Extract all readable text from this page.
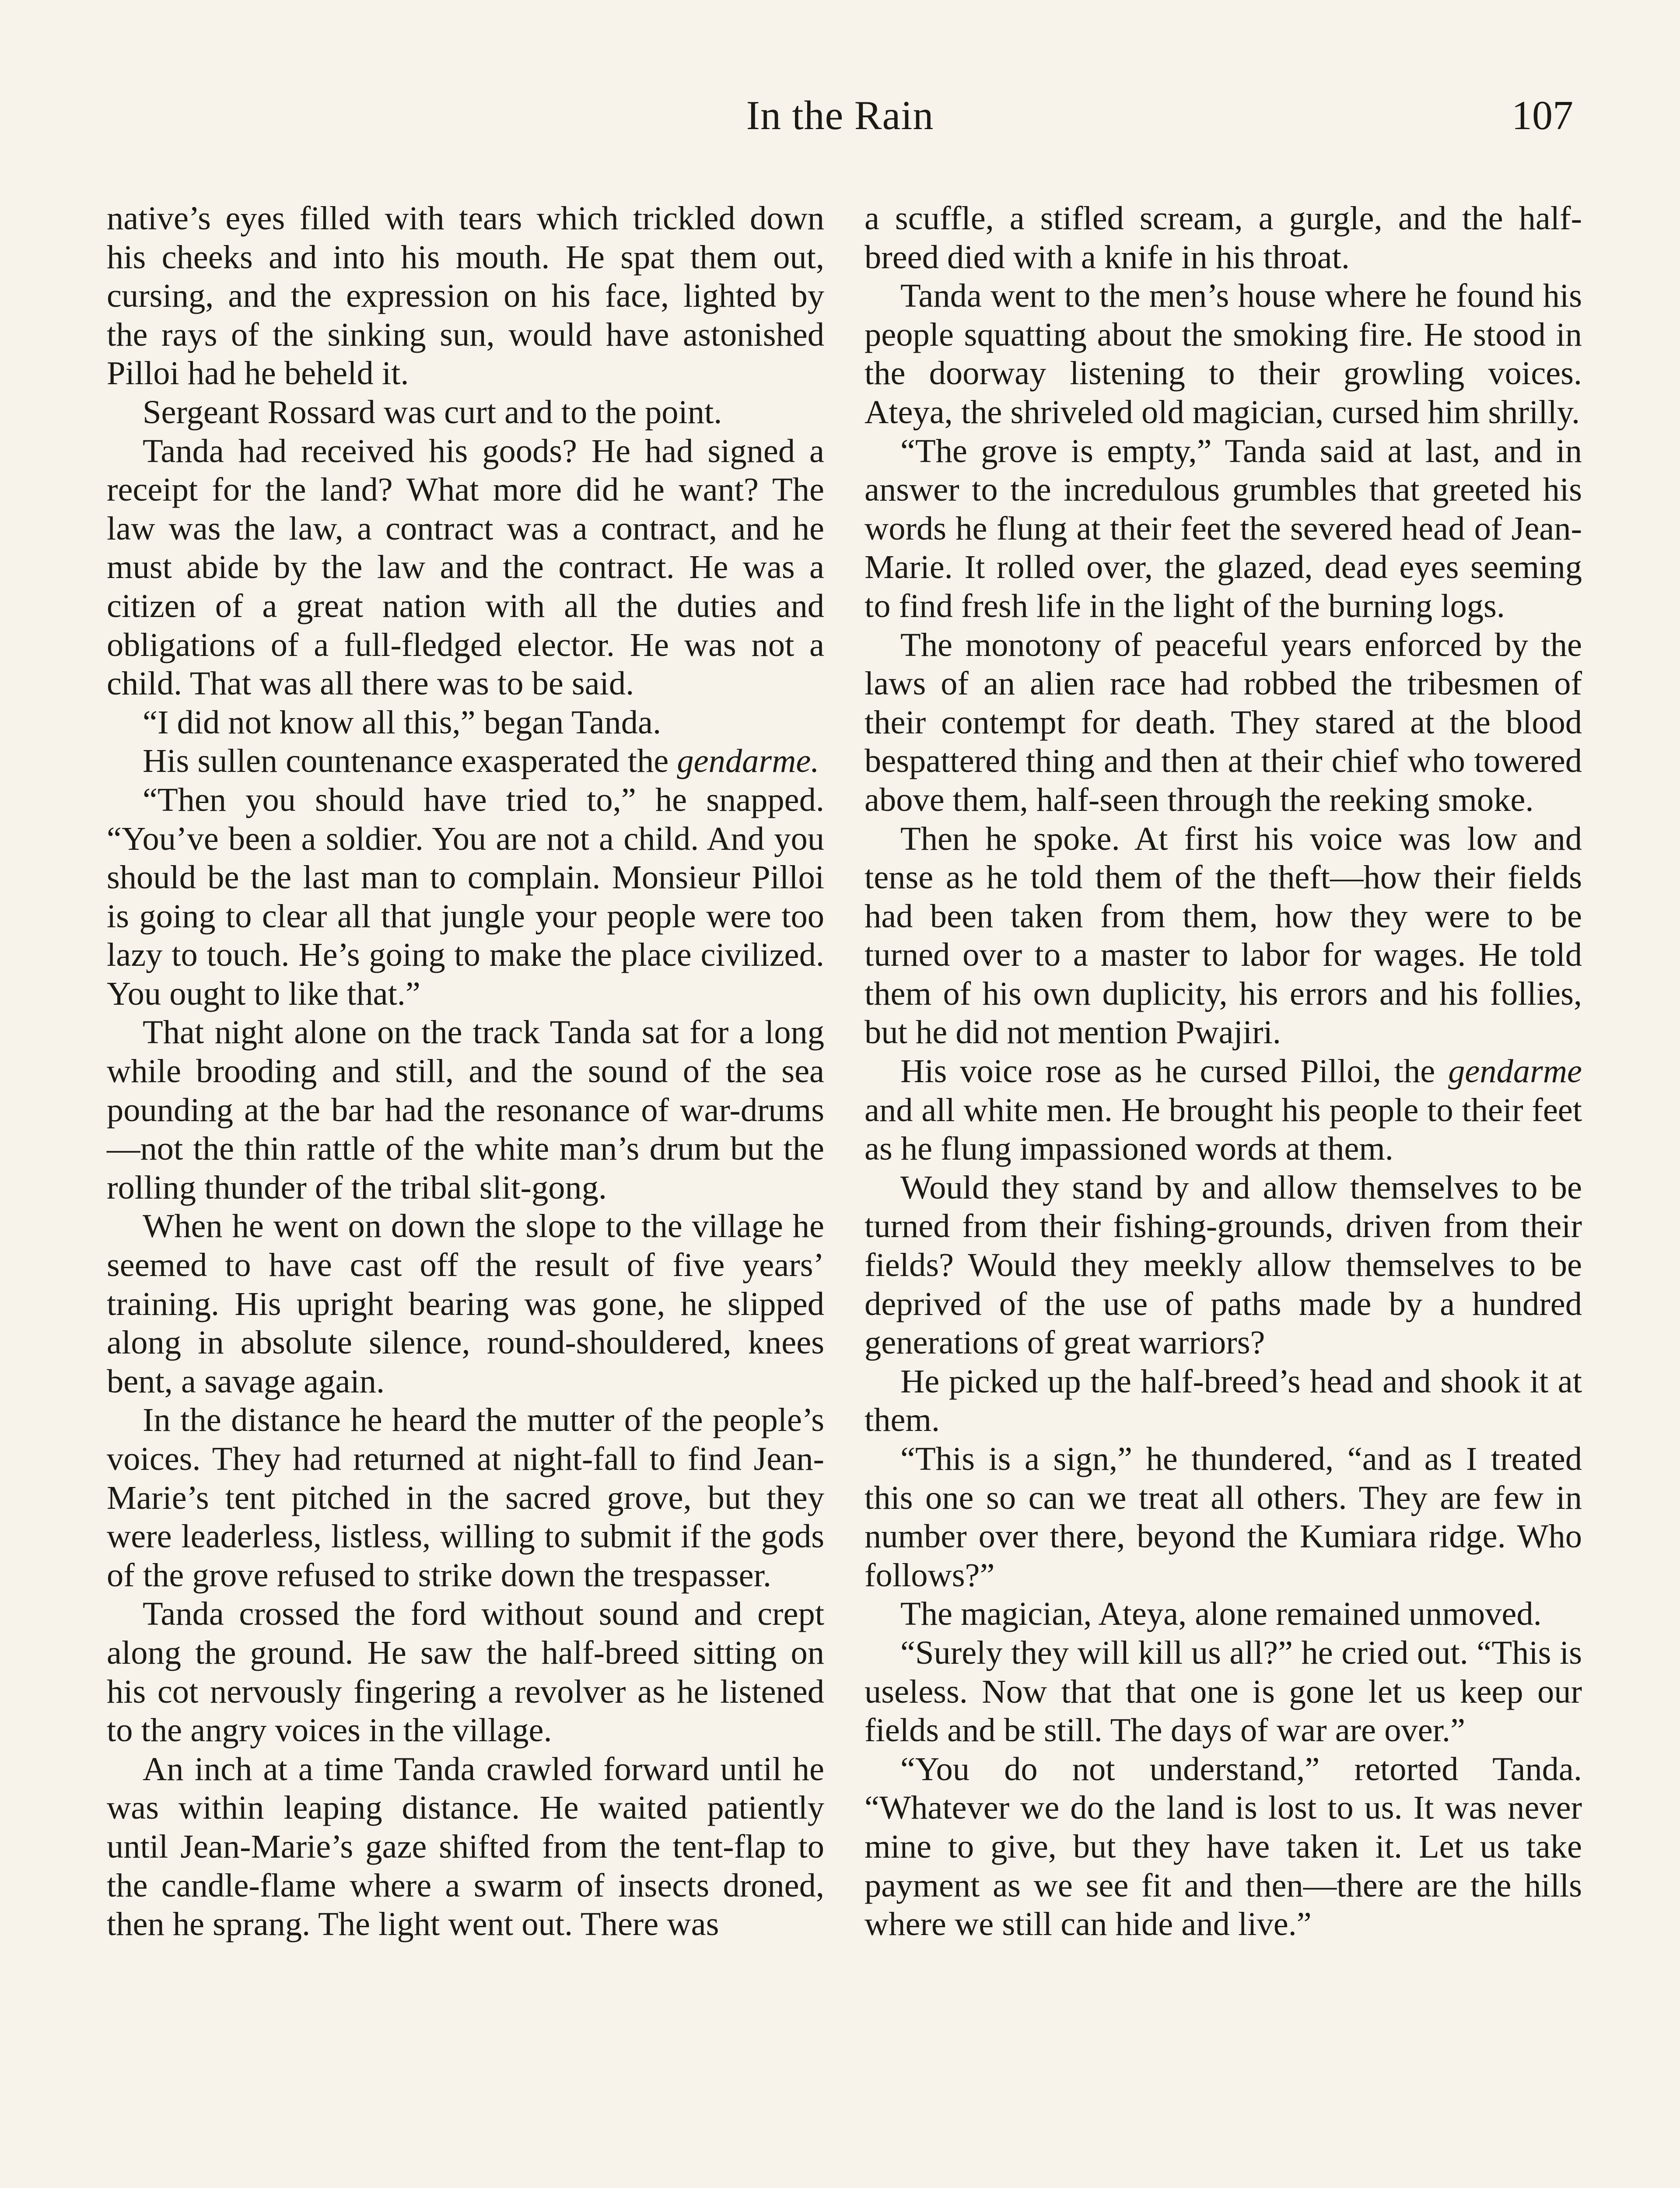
In the Rain	107

native’s eyes filled with tears which trickled down his cheeks and into his mouth. He spat them out, cursing, and the expression on his face, lighted by the rays of the sinking sun, would have astonished Pilloi had he beheld it.

Sergeant Rossard was curt and to the point.

Tanda had received his goods? He had signed a receipt for the land? What more did he want? The law was the law, a contract was a contract, and he must abide by the law and the contract. He was a citizen of a great nation with all the duties and obligations of a full-fledged elector. He was not a child. That was all there was to be said.

“I did not know all this,” began Tanda.

His sullen countenance exasperated the gendarme.

“Then you should have tried to,” he snapped. “You’ve been a soldier. You are not a child. And you should be the last man to complain. Monsieur Pilloi is going to clear all that jungle your people were too lazy to touch. He’s going to make the place civilized. You ought to like that.”

That night alone on the track Tanda sat for a long while brooding and still, and the sound of the sea pounding at the bar had the resonance of war-drums—not the thin rattle of the white man’s drum but the rolling thunder of the tribal slit-gong.

When he went on down the slope to the village he seemed to have cast off the result of five years’ training. His upright bearing was gone, he slipped along in absolute silence, round-shouldered, knees bent, a savage again.

In the distance he heard the mutter of the people’s voices. They had returned at night-fall to find Jean-Marie’s tent pitched in the sacred grove, but they were leaderless, listless, willing to submit if the gods of the grove refused to strike down the trespasser.

Tanda crossed the ford without sound and crept along the ground. He saw the half-breed sitting on his cot nervously fingering a revolver as he listened to the angry voices in the village.

An inch at a time Tanda crawled forward until he was within leaping distance. He waited patiently until Jean-Marie’s gaze shifted from the tent-flap to the candle-flame where a swarm of insects droned, then he sprang. The light went out. There was

a scuffle, a stifled scream, a gurgle, and the half-breed died with a knife in his throat.

Tanda went to the men’s house where he found his people squatting about the smoking fire. He stood in the doorway listening to their growling voices. Ateya, the shriveled old magician, cursed him shrilly.

“The grove is empty,” Tanda said at last, and in answer to the incredulous grumbles that greeted his words he flung at their feet the severed head of Jean-Marie. It rolled over, the glazed, dead eyes seeming to find fresh life in the light of the burning logs.

The monotony of peaceful years enforced by the laws of an alien race had robbed the tribesmen of their contempt for death. They stared at the blood bespattered thing and then at their chief who towered above them, half-seen through the reeking smoke.

Then he spoke. At first his voice was low and tense as he told them of the theft—how their fields had been taken from them, how they were to be turned over to a master to labor for wages. He told them of his own duplicity, his errors and his follies, but he did not mention Pwajiri.

His voice rose as he cursed Pilloi, the gendarme and all white men. He brought his people to their feet as he flung impassioned words at them.

Would they stand by and allow themselves to be turned from their fishing-grounds, driven from their fields? Would they meekly allow themselves to be deprived of the use of paths made by a hundred generations of great warriors?

He picked up the half-breed’s head and shook it at them.

“This is a sign,” he thundered, “and as I treated this one so can we treat all others. They are few in number over there, beyond the Kumiara ridge. Who follows?”

The magician, Ateya, alone remained unmoved.

“Surely they will kill us all?” he cried out. “This is useless. Now that that one is gone let us keep our fields and be still. The days of war are over.”

“You do not understand,” retorted Tanda. “Whatever we do the land is lost to us. It was never mine to give, but they have taken it. Let us take payment as we see fit and then—there are the hills where we still can hide and live.”
